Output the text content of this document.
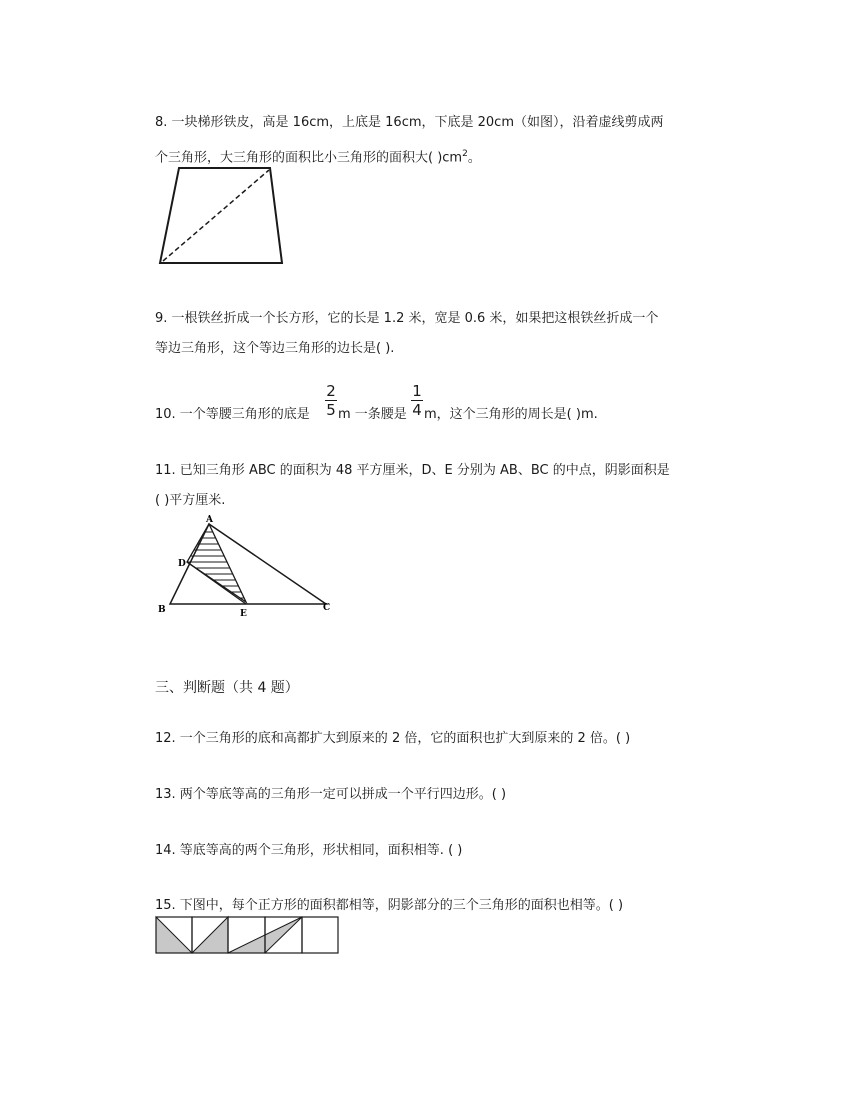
8. 一块梯形铁皮，高是 16cm，上底是 16cm，下底是 20cm（如图），沿着虚线剪成两
个三角形，大三角形的面积比小三角形的面积大( )$cm^2$。
9. 一根铁丝折成一个长方形，它的长是 1.2 米，宽是 0.6 米，如果把这根铁丝折成一个
等边三角形，这个等边三角形的边长是( ).
10. 一个等腰三角形的底是
2
5 m 一条腰是
1
4 m，这个三角形的周长是( )m.
11. 已知三角形 ABC 的面积为 48 平方厘米，D、E 分别为 AB、BC 的中点，阴影面积是
( )平方厘米.
A
B	C
D
E
三、判断题（共 4 题）
12. 一个三角形的底和高都扩大到原来的 2 倍，它的面积也扩大到原来的 2 倍。( )
13. 两个等底等高的三角形一定可以拼成一个平行四边形。( )
14. 等底等高的两个三角形，形状相同，面积相等. ( )
15. 下图中，每个正方形的面积都相等，阴影部分的三个三角形的面积也相等。( )
